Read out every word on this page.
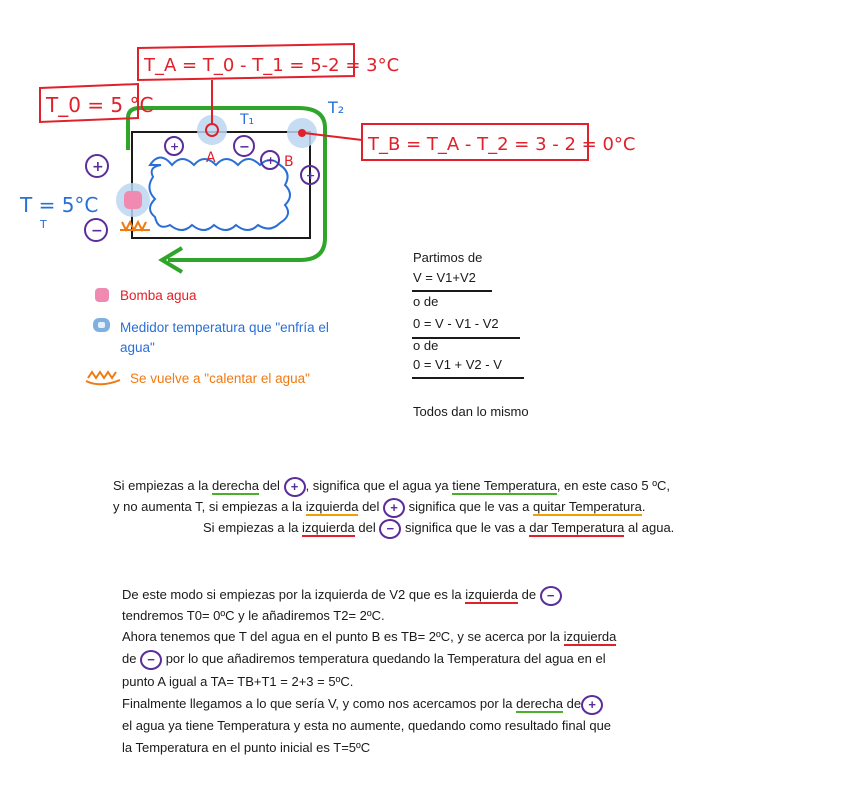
T_A = T_0 - T_1 = 5-2 = 3°C
T_0 = 5 °C
T_B = T_A - T_2 = 3 - 2 = 0°C
T = 5°C
T
T₁
T₂
A	B
+
−
+	−
+
+
Bomba agua
Medidor temperatura que "enfría el agua"
Se vuelve a "calentar el agua"
Partimos de
V = V1+V2
o de
0 = V - V1 - V2
o de
0 = V1 + V2 - V
Todos dan lo mismo
Si empiezas a la derecha del + , significa que el agua ya tiene Temperatura, en este caso 5 ºC,
y no aumenta T, si empiezas a la izquierda del + significa que le vas a quitar Temperatura.
Si empiezas a la izquierda del − significa que le vas a dar Temperatura al agua.
De este modo si empiezas por la izquierda de V2 que es la izquierda de −
tendremos T0= 0ºC y le añadiremos T2= 2ºC.
Ahora tenemos que T del agua en el punto B es TB= 2ºC, y se acerca por la izquierda
de − por lo que añadiremos temperatura quedando la Temperatura del agua en el
punto A igual a TA= TB+T1 = 2+3 = 5ºC.
Finalmente llegamos a lo que sería V, y como nos acercamos por la derecha de +
el agua ya tiene Temperatura y esta no aumente, quedando como resultado final que
la Temperatura en el punto inicial es T=5ºC
